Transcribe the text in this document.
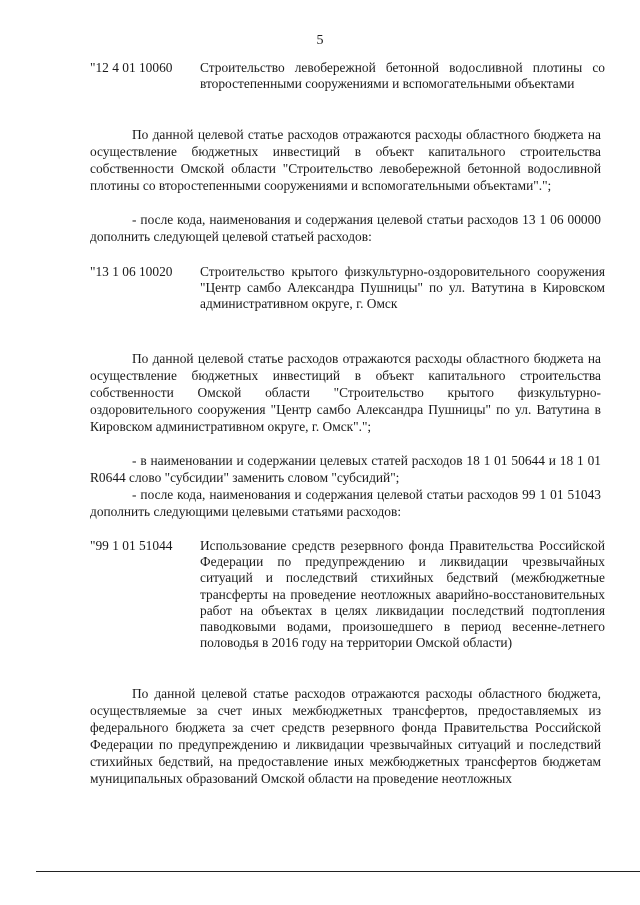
5
"12 4 01 10060 Строительство левобережной бетонной водосливной плотины со второстепенными сооружениями и вспомогательными объектами
По данной целевой статье расходов отражаются расходы областного бюджета на осуществление бюджетных инвестиций в объект капитального строительства собственности Омской области "Строительство левобережной бетонной водосливной плотины со второстепенными сооружениями и вспомогательными объектами".";
- после кода, наименования и содержания целевой статьи расходов 13 1 06 00000 дополнить следующей целевой статьей расходов:
"13 1 06 10020 Строительство крытого физкультурно-оздоровительного сооружения "Центр самбо Александра Пушницы" по ул. Ватутина в Кировском административном округе, г. Омск
По данной целевой статье расходов отражаются расходы областного бюджета на осуществление бюджетных инвестиций в объект капитального строительства собственности Омской области "Строительство крытого физкультурно-оздоровительного сооружения "Центр самбо Александра Пушницы" по ул. Ватутина в Кировском административном округе, г. Омск".";
- в наименовании и содержании целевых статей расходов 18 1 01 50644 и 18 1 01 R0644 слово "субсидии" заменить словом "субсидий";
- после кода, наименования и содержания целевой статьи расходов 99 1 01 51043 дополнить следующими целевыми статьями расходов:
"99 1 01 51044 Использование средств резервного фонда Правительства Российской Федерации по предупреждению и ликвидации чрезвычайных ситуаций и последствий стихийных бедствий (межбюджетные трансферты на проведение неотложных аварийно-восстановительных работ на объектах в целях ликвидации последствий подтопления паводковыми водами, произошедшего в период весенне-летнего половодья в 2016 году на территории Омской области)
По данной целевой статье расходов отражаются расходы областного бюджета, осуществляемые за счет иных межбюджетных трансфертов, предоставляемых из федерального бюджета за счет средств резервного фонда Правительства Российской Федерации по предупреждению и ликвидации чрезвычайных ситуаций и последствий стихийных бедствий, на предоставление иных межбюджетных трансфертов бюджетам муниципальных образований Омской области на проведение неотложных
